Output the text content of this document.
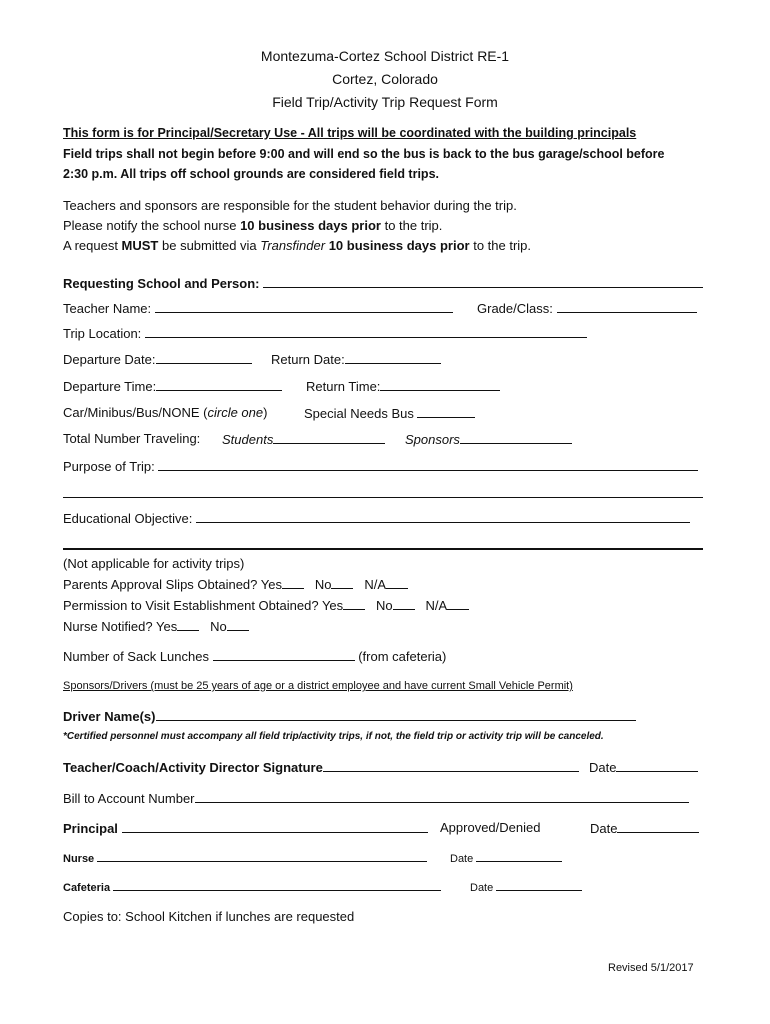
Montezuma-Cortez School District RE-1
Cortez, Colorado
Field Trip/Activity Trip Request Form
This form is for Principal/Secretary Use - All trips will be coordinated with the building principals
Field trips shall not begin before 9:00 and will end so the bus is back to the bus garage/school before
2:30 p.m. All trips off school grounds are considered field trips.
Teachers and sponsors are responsible for the student behavior during the trip.
Please notify the school nurse 10 business days prior to the trip.
A request MUST be submitted via Transfinder 10 business days prior to the trip.
Requesting School and Person:
Teacher Name:	Grade/Class:
Trip Location:
Departure Date:	Return Date:
Departure Time:	Return Time:
Car/Minibus/Bus/NONE (circle one)	Special Needs Bus
Total Number Traveling: Students	Sponsors
Purpose of Trip:
Educational Objective:
(Not applicable for activity trips)
Parents Approval Slips Obtained? Yes	No	N/A
Permission to Visit Establishment Obtained? Yes	No	N/A
Nurse Notified? Yes	No
Number of Sack Lunches	(from cafeteria)
Sponsors/Drivers (must be 25 years of age or a district employee and have current Small Vehicle Permit)
Driver Name(s)
*Certified personnel must accompany all field trip/activity trips, if not, the field trip or activity trip will be canceled.
Teacher/Coach/Activity Director Signature	Date
Bill to Account Number
Principal	Approved/Denied	Date
Nurse	Date
Cafeteria	Date
Copies to: School Kitchen if lunches are requested
Revised 5/1/2017
